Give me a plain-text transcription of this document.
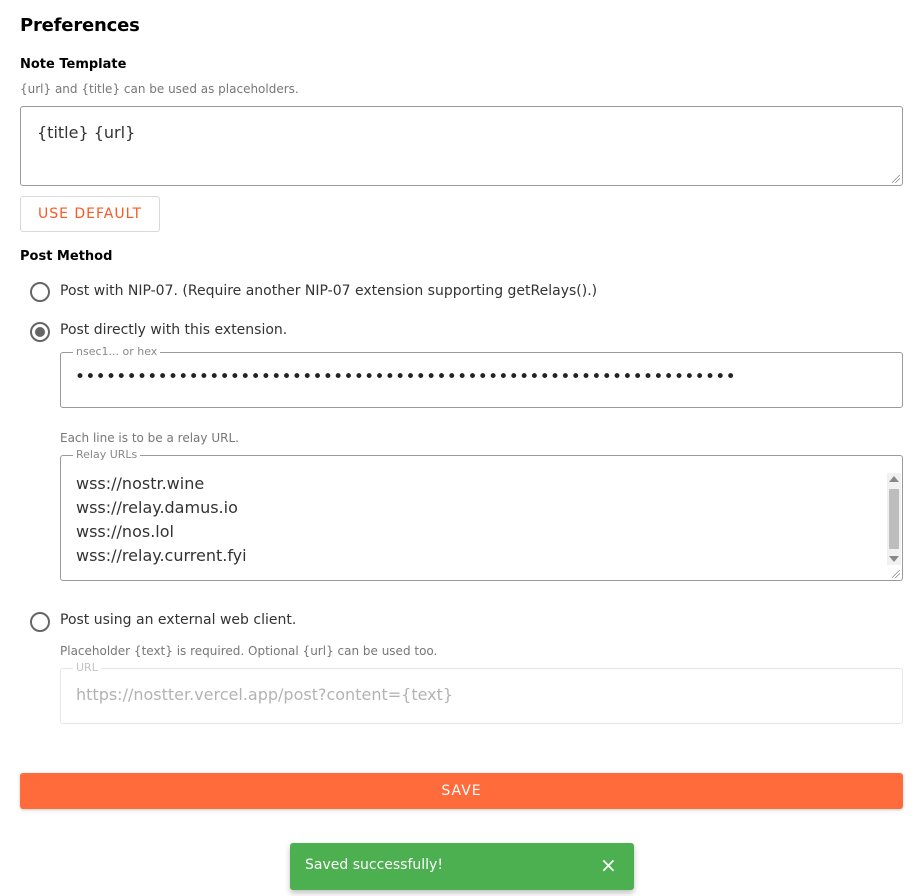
Preferences
Note Template
{url} and {title} can be used as placeholders.
{title} {url}
USE DEFAULT
Post Method
Post with NIP-07. (Require another NIP-07 extension supporting getRelays().)
Post directly with this extension.
nsec1... or hex
••••••••••••••••••••••••••••••••••••••••••••••••••••••••••••••••
Each line is to be a relay URL.
Relay URLs
wss://nostr.wine
wss://relay.damus.io
wss://nos.lol
wss://relay.current.fyi
Post using an external web client.
Placeholder {text} is required. Optional {url} can be used too.
URL
https://nostter.vercel.app/post?content={text}
SAVE
Saved successfully!	×
